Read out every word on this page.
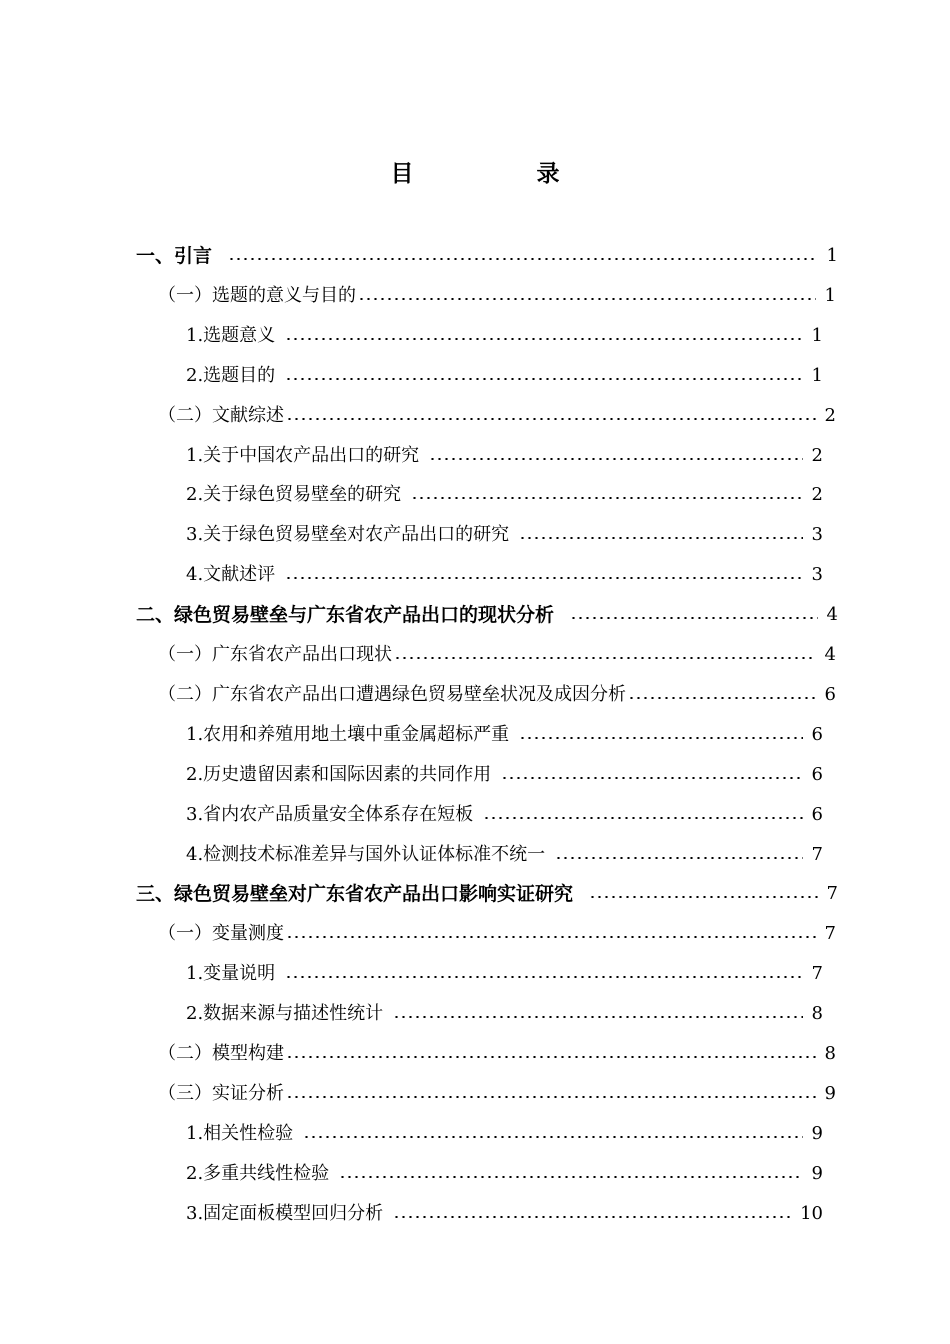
目　录
一、引言	1
（一）选题的意义与目的	1
1.选题意义	1
2.选题目的	1
（二）文献综述	2
1.关于中国农产品出口的研究	2
2.关于绿色贸易壁垒的研究	2
3.关于绿色贸易壁垒对农产品出口的研究	3
4.文献述评	3
二、绿色贸易壁垒与广东省农产品出口的现状分析	4
（一）广东省农产品出口现状	4
（二）广东省农产品出口遭遇绿色贸易壁垒状况及成因分析	6
1.农用和养殖用地土壤中重金属超标严重	6
2.历史遗留因素和国际因素的共同作用	6
3.省内农产品质量安全体系存在短板	6
4.检测技术标准差异与国外认证体标准不统一	7
三、绿色贸易壁垒对广东省农产品出口影响实证研究	7
（一）变量测度	7
1.变量说明	7
2.数据来源与描述性统计	8
（二）模型构建	8
（三）实证分析	9
1.相关性检验	9
2.多重共线性检验	9
3.固定面板模型回归分析	10
